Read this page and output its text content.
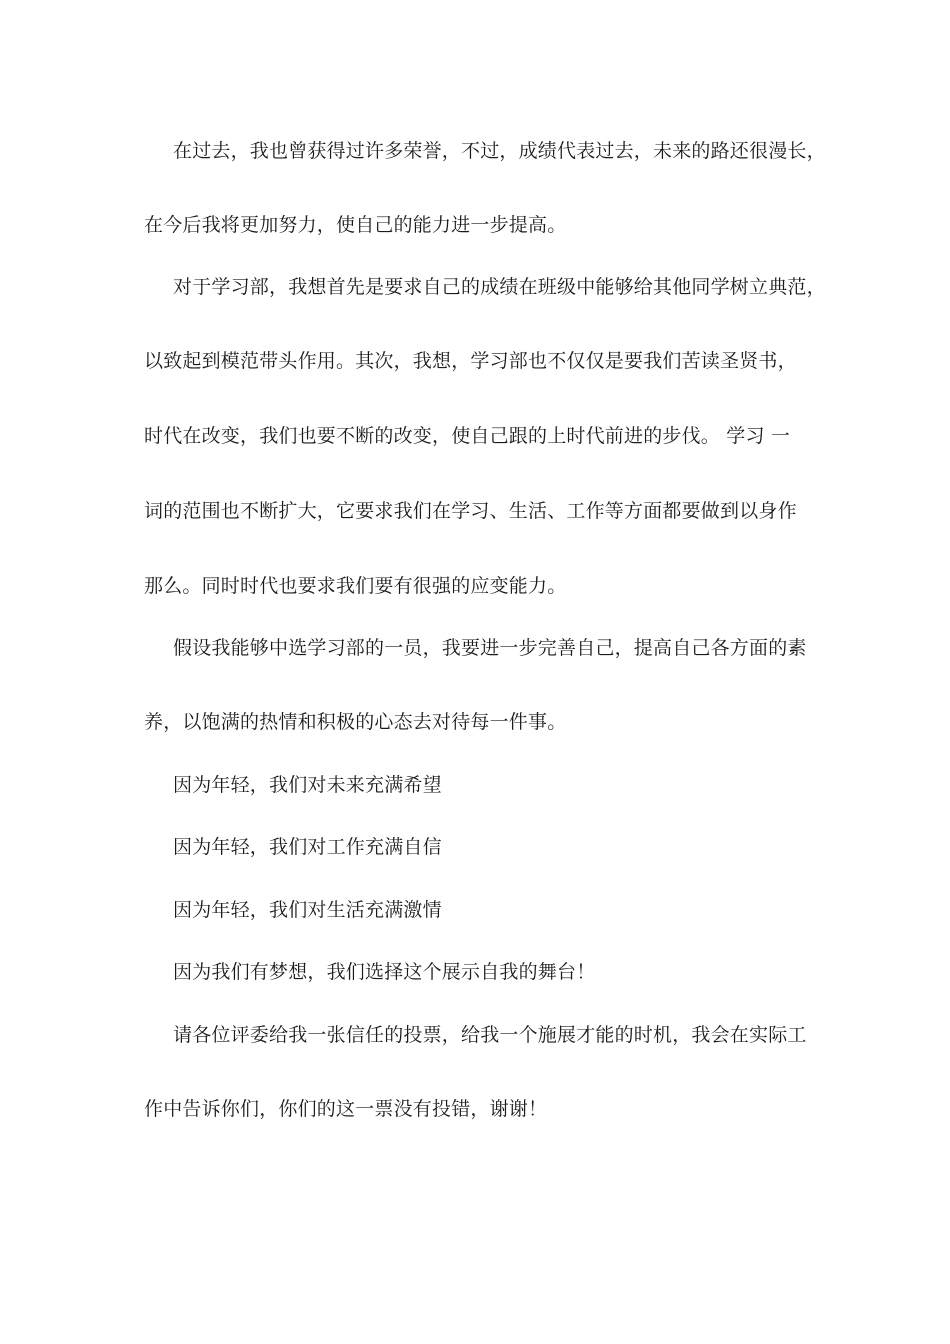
在过去，我也曾获得过许多荣誉，不过，成绩代表过去，未来的路还很漫长，
在今后我将更加努力，使自己的能力进一步提高。
对于学习部，我想首先是要求自己的成绩在班级中能够给其他同学树立典范，
以致起到模范带头作用。其次，我想，学习部也不仅仅是要我们苦读圣贤书，
时代在改变，我们也要不断的改变，使自己跟的上时代前进的步伐。 学习 一
词的范围也不断扩大，它要求我们在学习、生活、工作等方面都要做到以身作
那么。同时时代也要求我们要有很强的应变能力。
假设我能够中选学习部的一员，我要进一步完善自己，提高自己各方面的素
养，以饱满的热情和积极的心态去对待每一件事。
因为年轻，我们对未来充满希望
因为年轻，我们对工作充满自信
因为年轻，我们对生活充满激情
因为我们有梦想，我们选择这个展示自我的舞台！
请各位评委给我一张信任的投票，给我一个施展才能的时机，我会在实际工
作中告诉你们，你们的这一票没有投错，谢谢！
